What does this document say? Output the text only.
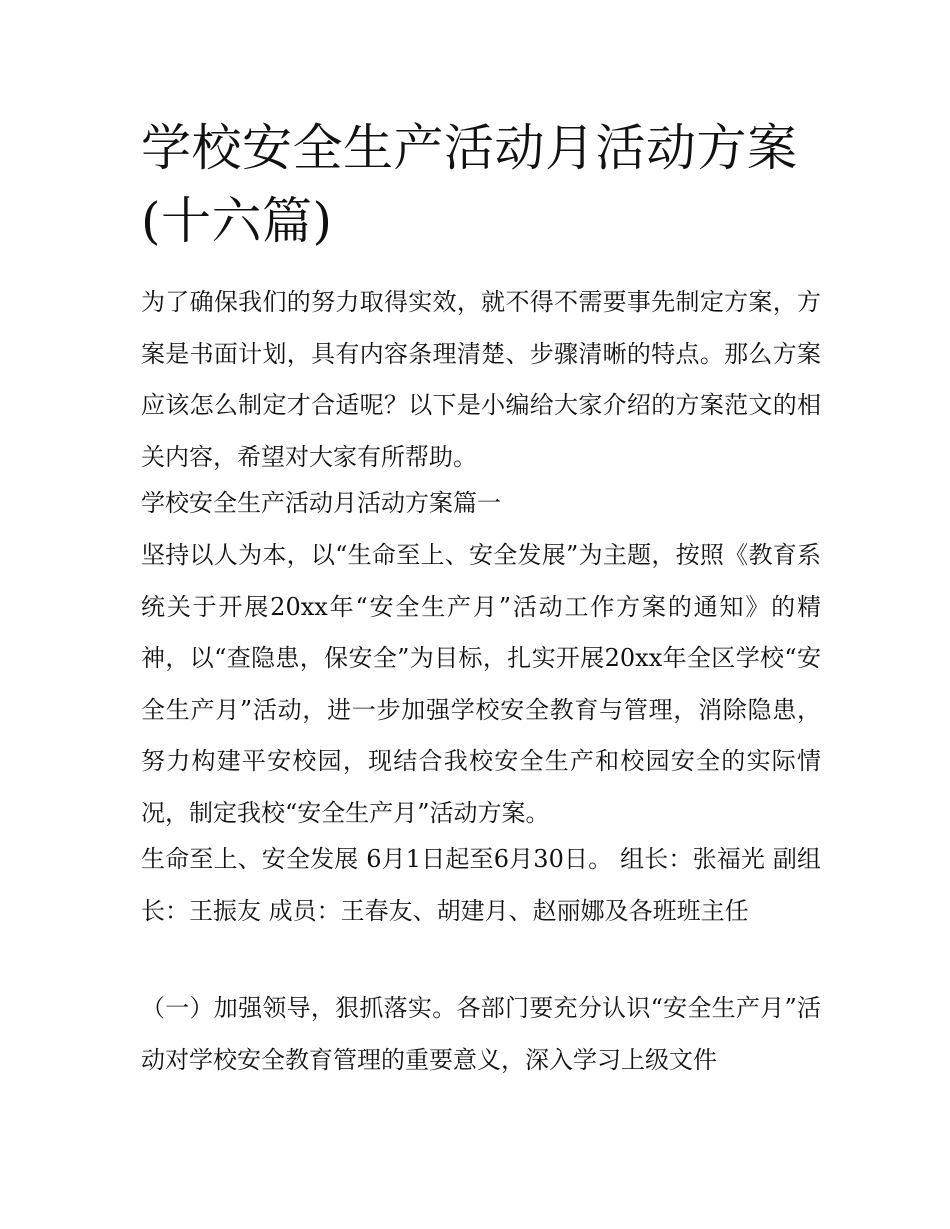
学校安全生产活动月活动方案(十六篇)

为了确保我们的努力取得实效，就不得不需要事先制定方案，方案是书面计划，具有内容条理清楚、步骤清晰的特点。那么方案应该怎么制定才合适呢？以下是小编给大家介绍的方案范文的相关内容，希望对大家有所帮助。

学校安全生产活动月活动方案篇一

坚持以人为本，以“生命至上、安全发展”为主题，按照《教育系统关于开展20xx年“安全生产月”活动工作方案的通知》的精神，以“查隐患，保安全”为目标，扎实开展20xx年全区学校“安全生产月”活动，进一步加强学校安全教育与管理，消除隐患，努力构建平安校园，现结合我校安全生产和校园安全的实际情况，制定我校“安全生产月”活动方案。

生命至上、安全发展 6月1日起至6月30日。 组长：张福光 副组长：王振友 成员：王春友、胡建月、赵丽娜及各班班主任

（一）加强领导，狠抓落实。各部门要充分认识“安全生产月”活动对学校安全教育管理的重要意义，深入学习上级文件
